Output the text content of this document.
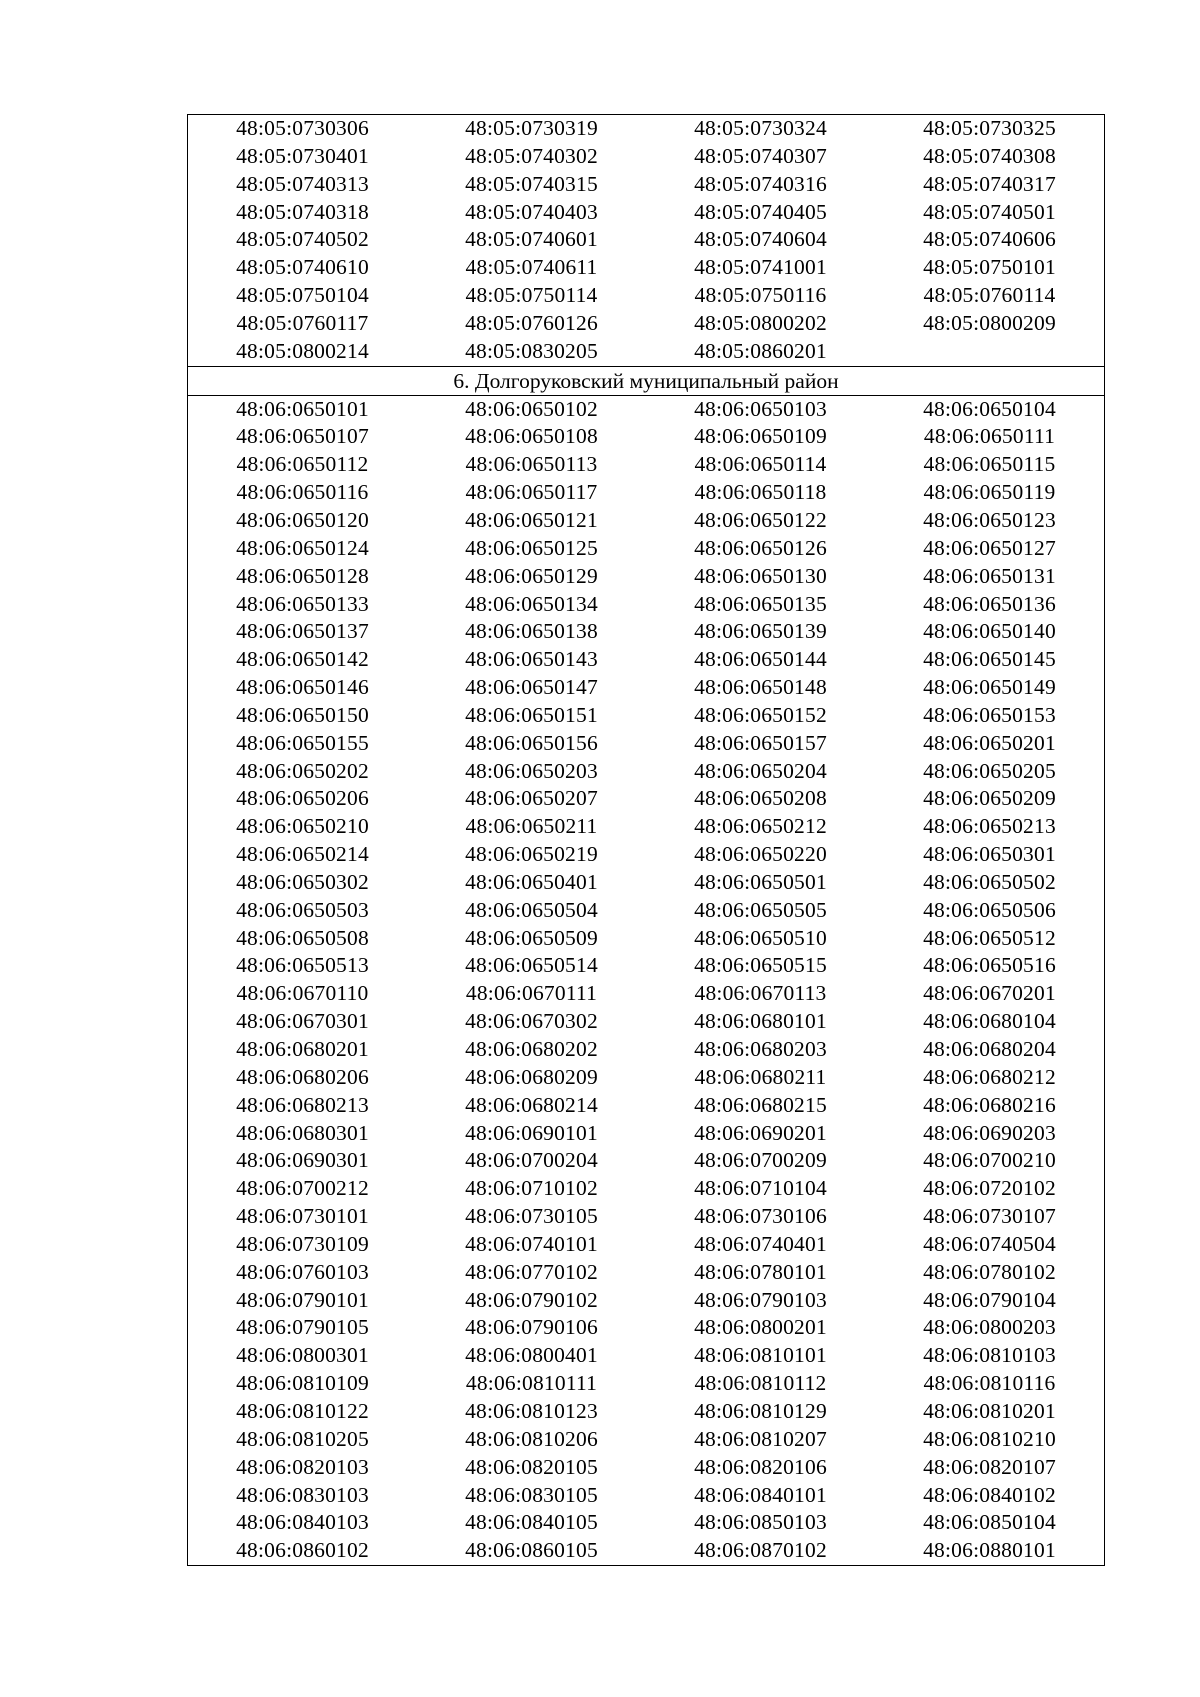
48:05:0730306	48:05:0730319	48:05:0730324	48:05:0730325
48:05:0730401	48:05:0740302	48:05:0740307	48:05:0740308
48:05:0740313	48:05:0740315	48:05:0740316	48:05:0740317
48:05:0740318	48:05:0740403	48:05:0740405	48:05:0740501
48:05:0740502	48:05:0740601	48:05:0740604	48:05:0740606
48:05:0740610	48:05:0740611	48:05:0741001	48:05:0750101
48:05:0750104	48:05:0750114	48:05:0750116	48:05:0760114
48:05:0760117	48:05:0760126	48:05:0800202	48:05:0800209
48:05:0800214	48:05:0830205	48:05:0860201
6. Долгоруковский муниципальный район
48:06:0650101	48:06:0650102	48:06:0650103	48:06:0650104
48:06:0650107	48:06:0650108	48:06:0650109	48:06:0650111
48:06:0650112	48:06:0650113	48:06:0650114	48:06:0650115
48:06:0650116	48:06:0650117	48:06:0650118	48:06:0650119
48:06:0650120	48:06:0650121	48:06:0650122	48:06:0650123
48:06:0650124	48:06:0650125	48:06:0650126	48:06:0650127
48:06:0650128	48:06:0650129	48:06:0650130	48:06:0650131
48:06:0650133	48:06:0650134	48:06:0650135	48:06:0650136
48:06:0650137	48:06:0650138	48:06:0650139	48:06:0650140
48:06:0650142	48:06:0650143	48:06:0650144	48:06:0650145
48:06:0650146	48:06:0650147	48:06:0650148	48:06:0650149
48:06:0650150	48:06:0650151	48:06:0650152	48:06:0650153
48:06:0650155	48:06:0650156	48:06:0650157	48:06:0650201
48:06:0650202	48:06:0650203	48:06:0650204	48:06:0650205
48:06:0650206	48:06:0650207	48:06:0650208	48:06:0650209
48:06:0650210	48:06:0650211	48:06:0650212	48:06:0650213
48:06:0650214	48:06:0650219	48:06:0650220	48:06:0650301
48:06:0650302	48:06:0650401	48:06:0650501	48:06:0650502
48:06:0650503	48:06:0650504	48:06:0650505	48:06:0650506
48:06:0650508	48:06:0650509	48:06:0650510	48:06:0650512
48:06:0650513	48:06:0650514	48:06:0650515	48:06:0650516
48:06:0670110	48:06:0670111	48:06:0670113	48:06:0670201
48:06:0670301	48:06:0670302	48:06:0680101	48:06:0680104
48:06:0680201	48:06:0680202	48:06:0680203	48:06:0680204
48:06:0680206	48:06:0680209	48:06:0680211	48:06:0680212
48:06:0680213	48:06:0680214	48:06:0680215	48:06:0680216
48:06:0680301	48:06:0690101	48:06:0690201	48:06:0690203
48:06:0690301	48:06:0700204	48:06:0700209	48:06:0700210
48:06:0700212	48:06:0710102	48:06:0710104	48:06:0720102
48:06:0730101	48:06:0730105	48:06:0730106	48:06:0730107
48:06:0730109	48:06:0740101	48:06:0740401	48:06:0740504
48:06:0760103	48:06:0770102	48:06:0780101	48:06:0780102
48:06:0790101	48:06:0790102	48:06:0790103	48:06:0790104
48:06:0790105	48:06:0790106	48:06:0800201	48:06:0800203
48:06:0800301	48:06:0800401	48:06:0810101	48:06:0810103
48:06:0810109	48:06:0810111	48:06:0810112	48:06:0810116
48:06:0810122	48:06:0810123	48:06:0810129	48:06:0810201
48:06:0810205	48:06:0810206	48:06:0810207	48:06:0810210
48:06:0820103	48:06:0820105	48:06:0820106	48:06:0820107
48:06:0830103	48:06:0830105	48:06:0840101	48:06:0840102
48:06:0840103	48:06:0840105	48:06:0850103	48:06:0850104
48:06:0860102	48:06:0860105	48:06:0870102	48:06:0880101
